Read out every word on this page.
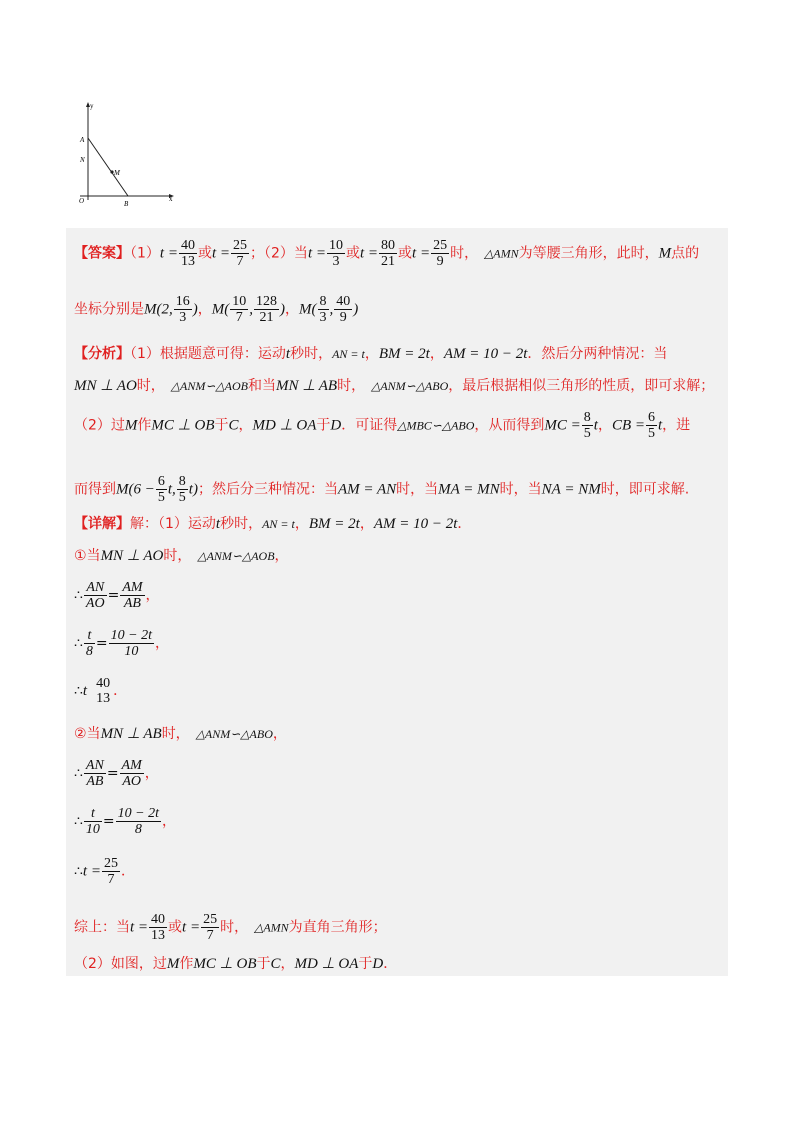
y
x
A
N
M
O	B
【答案】$(1)t = \frac{40}{13}$ 或$t = \frac{25}{7}$ ；（2）当$t = \frac{10}{3}$ 或$t = \frac{80}{21}$ 或$t = \frac{25}{9}$ 时， △AMN为等腰三角形，此时，M点的
坐标分别是M(2, $\frac{16}{3}$ )，$M( \frac{10}{7}$ , $\frac{128}{21}$ )，$M( \frac{8}{3}$ , $\frac{40}{9}$ )
【分析】（1）根据题意可得：运动t秒时，AN = t，BM = 2t，AM = 10 − 2t．然后分两种情况：当
MN ⊥ AO时， △ANM∽△AOB和当MN ⊥ AB时， △ANM∽△ABO，最后根据相似三角形的性质，即可求解；
（2）过M作MC ⊥ OB于C，MD ⊥ OA于D．可证得△MBC∽△ABO，从而得到MC = $\frac{8}{5}$ t，CB = $\frac{6}{5}$ t，进
而得到$M(6 - \frac{6}{5} t$, $\frac{8}{5} t$)；然后分三种情况：当AM = AN时，当MA = MN时，当NA = NM时，即可求解.
【详解】解：（1）运动t秒时，AN = t，BM = 2t，AM = 10 − 2t．
①当MN ⊥ AO时， △ANM∽△AOB，
∴ $\frac{AN}{AO} = \frac{AM}{AB}$ ，
∴ $\frac{t}{8} = \frac{10 - 2t}{10}$ ，
∴t 40
13 ．
②当MN ⊥ AB时， △ANM∽△ABO，
∴ $\frac{AN}{AB} = \frac{AM}{AO}$ ，
∴ $\frac{t}{10} = \frac{10 - 2t}{8}$ ，
∴t = $\frac{25}{7}$ ．
综上：当$t = \frac{40}{13}$ 或$t = \frac{25}{7}$ 时， △AMN为直角三角形；
（2）如图，过M作MC ⊥ OB于C，MD ⊥ OA于D．
